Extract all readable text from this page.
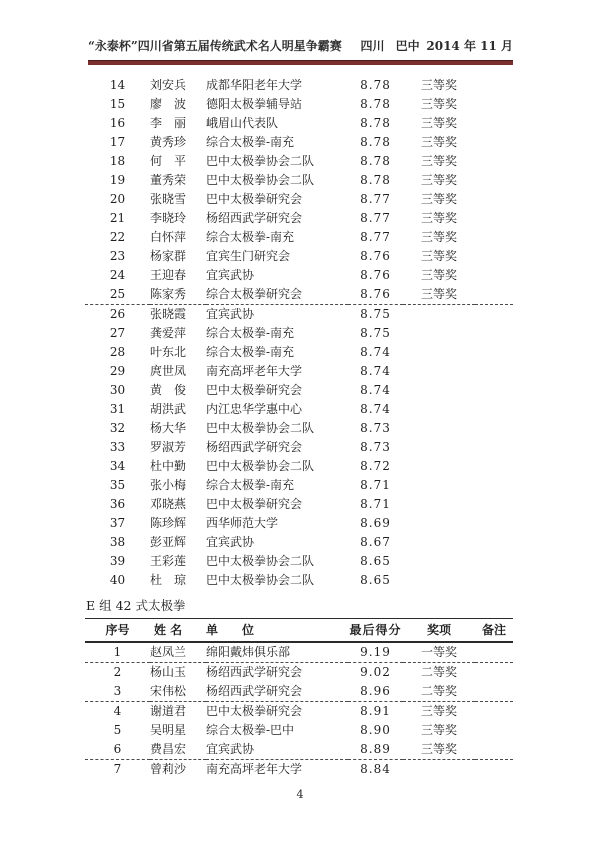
“永泰杯”四川省第五届传统武术名人明星争霸赛 四川 巴中 2014 年 11 月
14	刘安兵	成都华阳老年大学	8.78	三等奖	
15	廖　波	德阳太极拳辅导站	8.78	三等奖	
16	李　丽	峨眉山代表队	8.78	三等奖	
17	黄秀珍	综合太极拳-南充	8.78	三等奖	
18	何　平	巴中太极拳协会二队	8.78	三等奖	
19	董秀荣	巴中太极拳协会二队	8.78	三等奖	
20	张晓雪	巴中太极拳研究会	8.77	三等奖	
21	李晓玲	杨绍西武学研究会	8.77	三等奖	
22	白怀萍	综合太极拳-南充	8.77	三等奖	
23	杨家群	宜宾生门研究会	8.76	三等奖	
24	王迎春	宜宾武协	8.76	三等奖	
25	陈家秀	综合太极拳研究会	8.76	三等奖	
26	张晓霞	宜宾武协	8.75		
27	龚爱萍	综合太极拳-南充	8.75		
28	叶东北	综合太极拳-南充	8.74		
29	庹世凤	南充高坪老年大学	8.74		
30	黄　俊	巴中太极拳研究会	8.74		
31	胡洪武	内江忠华学惠中心	8.74		
32	杨大华	巴中太极拳协会二队	8.73		
33	罗淑芳	杨绍西武学研究会	8.73		
34	杜中勤	巴中太极拳协会二队	8.72		
35	张小梅	综合太极拳-南充	8.71		
36	邓晓燕	巴中太极拳研究会	8.71		
37	陈珍辉	西华师范大学	8.69		
38	彭亚辉	宜宾武协	8.67		
39	王彩莲	巴中太极拳协会二队	8.65		
40	杜　琼	巴中太极拳协会二队	8.65		
E 组 42 式太极拳
序号	姓 名	单　　位	最后得分	奖项	备注
1	赵凤兰	绵阳戴炜俱乐部	9.19	一等奖	
2	杨山玉	杨绍西武学研究会	9.02	二等奖	
3	宋伟松	杨绍西武学研究会	8.96	二等奖	
4	谢道君	巴中太极拳研究会	8.91	三等奖	
5	吴明星	综合太极拳-巴中	8.90	三等奖	
6	费昌宏	宜宾武协	8.89	三等奖	
7	曾莉沙	南充高坪老年大学	8.84		
4
